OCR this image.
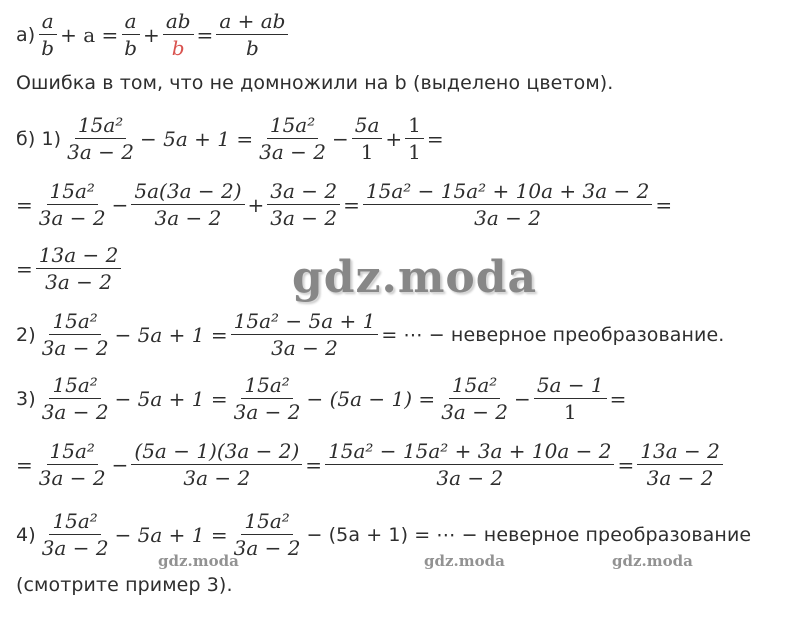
$а) \frac{a}{b} + a = \frac{a}{b} + \frac{ab}{b} = \frac{a + ab}{b}$
Ошибка в том, что не домножили на b (выделено цветом).
б) $1) \frac{\text{15a²}}{3a - 2} - 5a + 1 = \frac{\text{15a²}}{3a - 2} - \frac{5a}{1} + \frac{1}{1}$ =
= $\frac{\text{15a²}}{3a - 2} - \frac{5a(3a - 2)}{3a - 2} + \frac{3a - 2}{3a - 2} = \frac{\text{15a² − 15a² + 10a + 3a − 2}}{3a - 2}$ =
= $\frac{13a - 2}{3a - 2}$
$2) \frac{\text{15a²}}{3a - 2} - 5a + 1 = \frac{\text{15a² − 5a + 1}}{3a - 2}$ = ⋯ − неверное преобразование.
$3) \frac{\text{15a²}}{3a - 2} - 5a + 1 = \frac{\text{15a²}}{3a - 2} - (5a - 1) = \frac{\text{15a²}}{3a - 2} - \frac{5a - 1}{1}$ =
= $\frac{\text{15a²}}{3a - 2} - \frac{(5a - 1)(3a - 2)}{3a - 2} = \frac{\text{15a² − 15a² + 3a + 10a − 2}}{3a - 2} = \frac{13a - 2}{3a - 2}$
$4) \frac{\text{15a²}}{3a - 2} - 5a + 1 = \frac{\text{15a²}}{3a - 2} - (5a + 1)$ = ⋯ − неверное преобразование
(смотрите пример 3).
gdz.moda
gdz.moda	gdz.moda	gdz.moda
